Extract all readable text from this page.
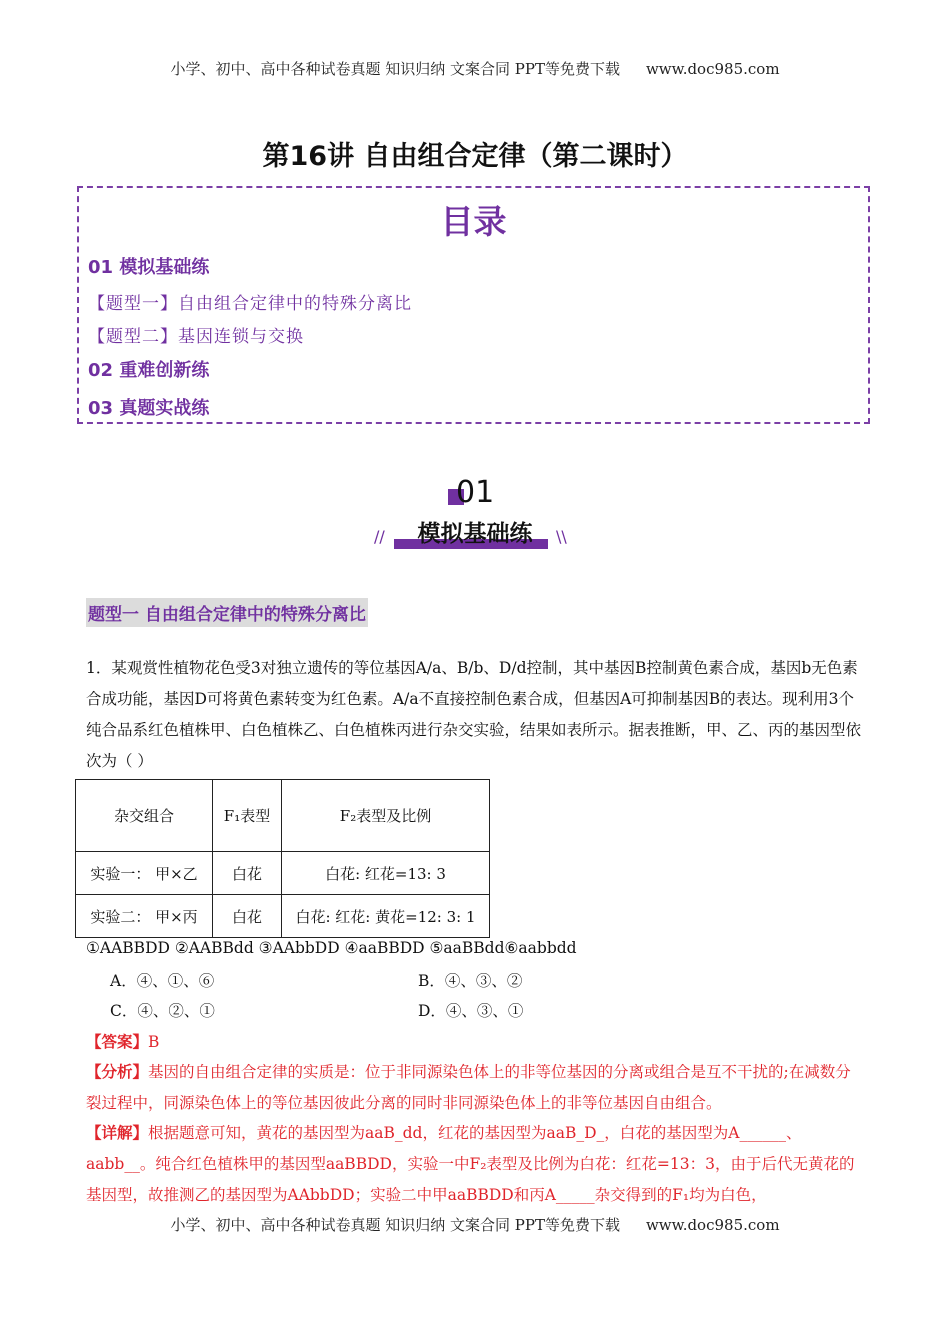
小学、初中、高中各种试卷真题 知识归纳 文案合同 PPT等免费下载 www.doc985.com
第16讲 自由组合定律（第二课时）
目录
01 模拟基础练
【题型一】自由组合定律中的特殊分离比
【题型二】基因连锁与交换
02 重难创新练
03 真题实战练
01
模拟基础练
//	\\
题型一 自由组合定律中的特殊分离比
1．某观赏性植物花色受3对独立遗传的等位基因A/a、B/b、D/d控制，其中基因B控制黄色素合成，基因b无色素合成功能，基因D可将黄色素转变为红色素。A/a不直接控制色素合成，但基因A可抑制基因B的表达。现利用3个纯合品系红色植株甲、白色植株乙、白色植株丙进行杂交实验，结果如表所示。据表推断，甲、乙、丙的基因型依次为（ ）
杂交组合	F₁表型	F₂表型及比例
实验一： 甲×乙	白花	白花: 红花=13: 3
实验二： 甲×丙	白花	白花: 红花: 黄花=12: 3: 1
①AABBDD ②AABBdd ③AAbbDD ④aaBBDD ⑤aaBBdd⑥aabbdd
A．④、①、⑥	B．④、③、②
C．④、②、①	D．④、③、①
【答案】B
【分析】基因的自由组合定律的实质是：位于非同源染色体上的非等位基因的分离或组合是互不干扰的;在减数分裂过程中，同源染色体上的等位基因彼此分离的同时非同源染色体上的非等位基因自由组合。
【详解】根据题意可知，黄花的基因型为aaB_dd，红花的基因型为aaB_D_，白花的基因型为A______、aabb__。纯合红色植株甲的基因型aaBBDD，实验一中F₂表型及比例为白花：红花=13：3，由于后代无黄花的基因型，故推测乙的基因型为AAbbDD；实验二中甲aaBBDD和丙A_____杂交得到的F₁均为白色，
小学、初中、高中各种试卷真题 知识归纳 文案合同 PPT等免费下载 www.doc985.com
